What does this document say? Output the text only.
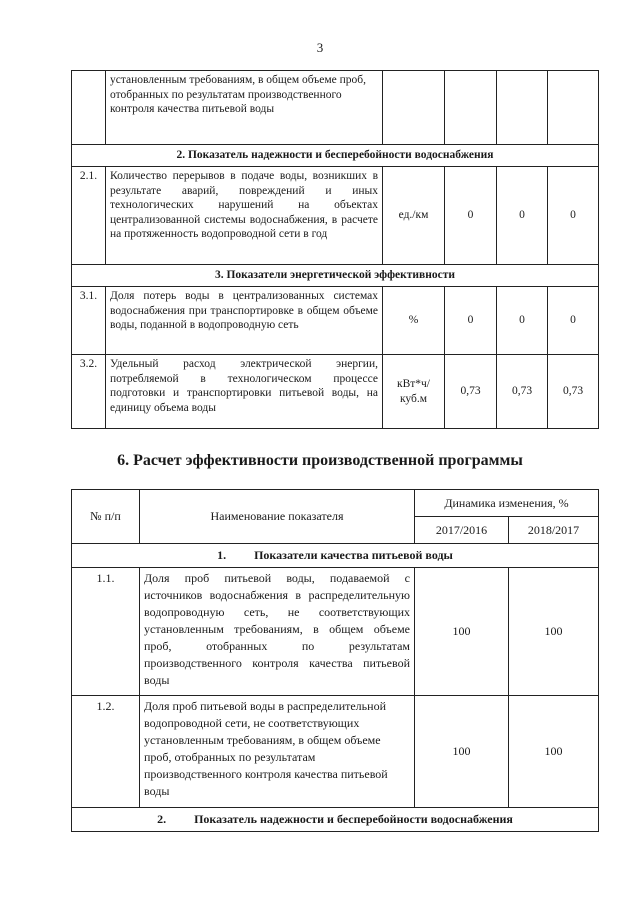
3
	установленным требованиям, в общем объеме проб, отобранных по результатам производственного контроля качества питьевой воды				
2. Показатель надежности и бесперебойности водоснабжения					
2.1.	Количество перерывов в подаче воды, возникших в результате аварий, повреждений и иных технологических нарушений на объектах централизованной системы водоснабжения, в расчете на протяженность водопроводной сети в год	ед./км	0	0	0
3. Показатели энергетической эффективности					
3.1.	Доля потерь воды в централизованных системах водоснабжения при транспортировке в общем объеме воды, поданной в водопроводную сеть	%	0	0	0
3.2.	Удельный расход электрической энергии, потребляемой в технологическом процессе подготовки и транспортировки питьевой воды, на единицу объема воды	кВт*ч/ куб.м	0,73	0,73	0,73
6. Расчет эффективности производственной программы
№ п/п	Наименование показателя	Динамика изменения, %	
		2017/2016	2018/2017
1. Показатели качества питьевой воды			
1.1.	Доля проб питьевой воды, подаваемой с источников водоснабжения в распределительную водопроводную сеть, не соответствующих установленным требованиям, в общем объеме проб, отобранных по результатам производственного контроля качества питьевой воды	100	100
1.2.	Доля проб питьевой воды в распределительной водопроводной сети, не соответствующих установленным требованиям, в общем объеме проб, отобранных по результатам производственного контроля качества питьевой воды	100	100
2. Показатель надежности и бесперебойности водоснабжения			
